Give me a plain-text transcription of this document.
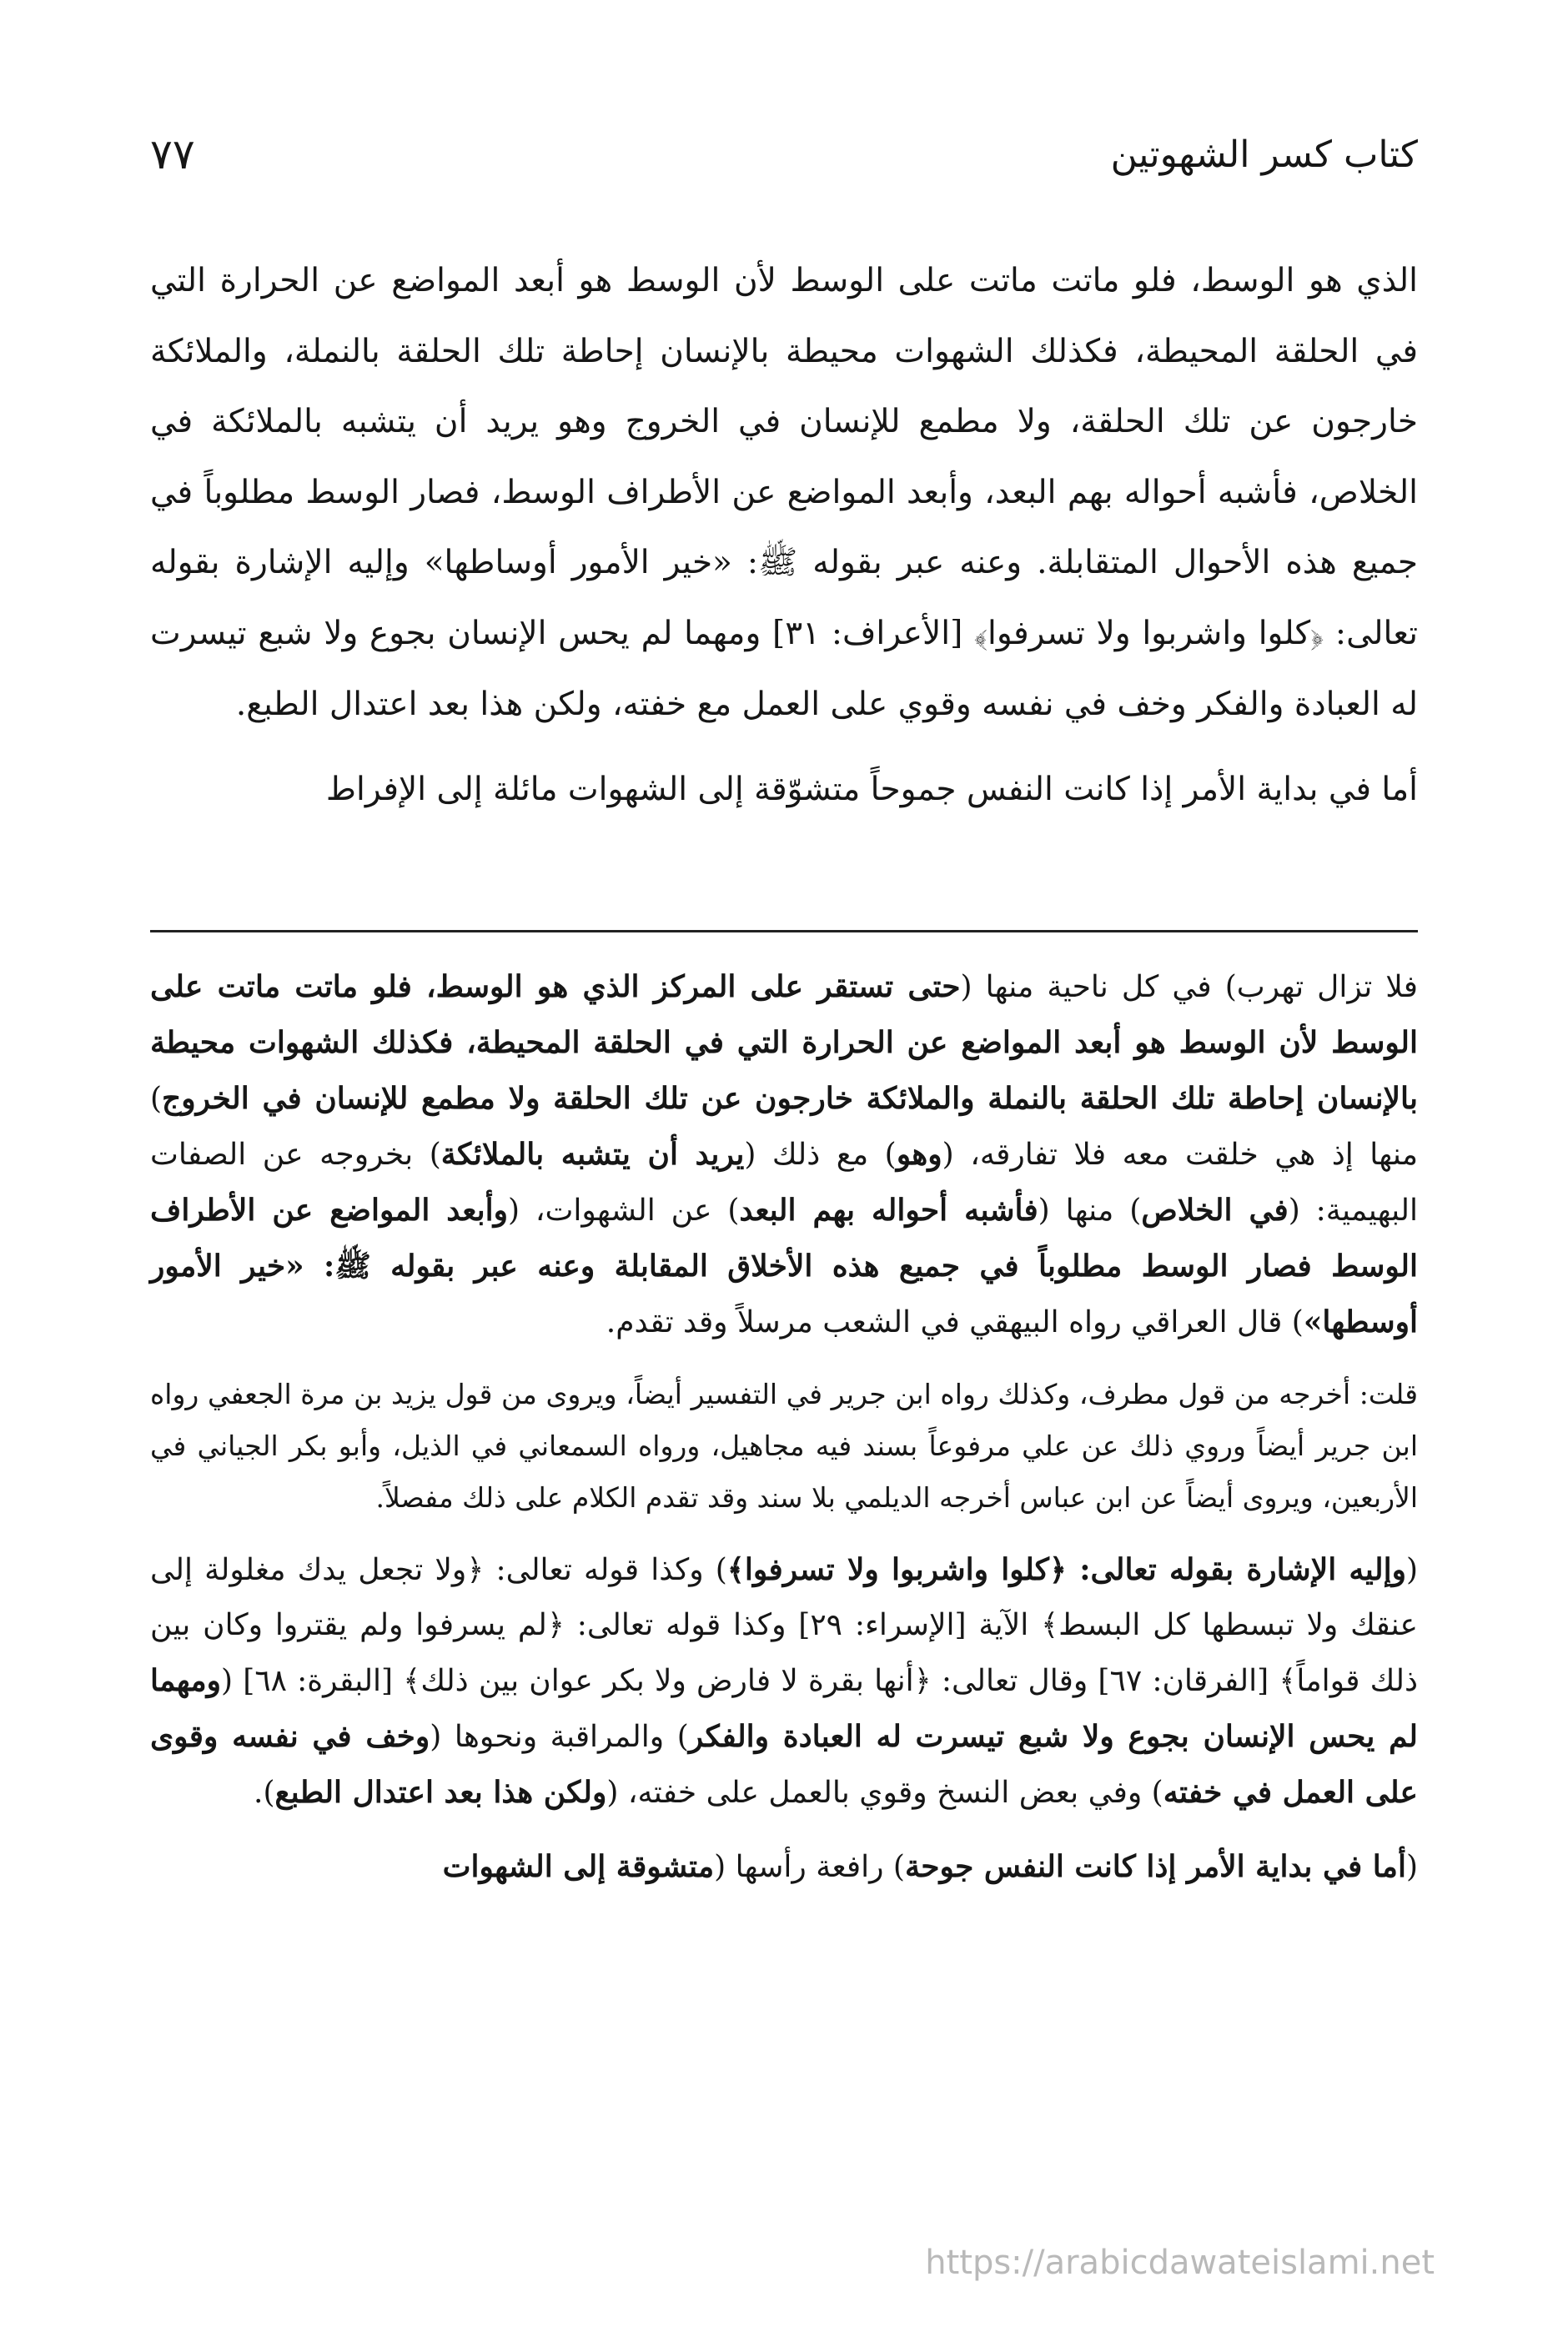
كتاب كسر الشهوتين
٧٧

الذي هو الوسط، فلو ماتت ماتت على الوسط لأن الوسط هو أبعد المواضع عن الحرارة التي في الحلقة المحيطة، فكذلك الشهوات محيطة بالإنسان إحاطة تلك الحلقة بالنملة، والملائكة خارجون عن تلك الحلقة، ولا مطمع للإنسان في الخروج وهو يريد أن يتشبه بالملائكة في الخلاص، فأشبه أحواله بهم البعد، وأبعد المواضع عن الأطراف الوسط، فصار الوسط مطلوباً في جميع هذه الأحوال المتقابلة. وعنه عبر بقوله ﷺ: «خير الأمور أوساطها» وإليه الإشارة بقوله تعالى: ﴿كلوا واشربوا ولا تسرفوا﴾ [الأعراف: ٣١] ومهما لم يحس الإنسان بجوع ولا شبع تيسرت له العبادة والفكر وخف في نفسه وقوي على العمل مع خفته، ولكن هذا بعد اعتدال الطبع.

أما في بداية الأمر إذا كانت النفس جموحاً متشوّقة إلى الشهوات مائلة إلى الإفراط

فلا تزال تهرب) في كل ناحية منها (حتى تستقر على المركز الذي هو الوسط، فلو ماتت ماتت على الوسط لأن الوسط هو أبعد المواضع عن الحرارة التي في الحلقة المحيطة، فكذلك الشهوات محيطة بالإنسان إحاطة تلك الحلقة بالنملة والملائكة خارجون عن تلك الحلقة ولا مطمع للإنسان في الخروج) منها إذ هي خلقت معه فلا تفارقه، (وهو) مع ذلك (يريد أن يتشبه بالملائكة) بخروجه عن الصفات البهيمية: (في الخلاص) منها (فأشبه أحواله بهم البعد) عن الشهوات، (وأبعد المواضع عن الأطراف الوسط فصار الوسط مطلوباً في جميع هذه الأخلاق المقابلة وعنه عبر بقوله ﷺ: «خير الأمور أوسطها») قال العراقي رواه البيهقي في الشعب مرسلاً وقد تقدم.

قلت: أخرجه من قول مطرف، وكذلك رواه ابن جرير في التفسير أيضاً، ويروى من قول يزيد بن مرة الجعفي رواه ابن جرير أيضاً وروي ذلك عن علي مرفوعاً بسند فيه مجاهيل، ورواه السمعاني في الذيل، وأبو بكر الجياني في الأربعين، ويروى أيضاً عن ابن عباس أخرجه الديلمي بلا سند وقد تقدم الكلام على ذلك مفصلاً.

(وإليه الإشارة بقوله تعالى: ﴿كلوا واشربوا ولا تسرفوا﴾) وكذا قوله تعالى: ﴿ولا تجعل يدك مغلولة إلى عنقك ولا تبسطها كل البسط﴾ الآية [الإسراء: ٢٩] وكذا قوله تعالى: ﴿لم يسرفوا ولم يقتروا وكان بين ذلك قواماً﴾ [الفرقان: ٦٧] وقال تعالى: ﴿أنها بقرة لا فارض ولا بكر عوان بين ذلك﴾ [البقرة: ٦٨] (ومهما لم يحس الإنسان بجوع ولا شبع تيسرت له العبادة والفكر) والمراقبة ونحوها (وخف في نفسه وقوى على العمل في خفته) وفي بعض النسخ وقوي بالعمل على خفته، (ولكن هذا بعد اعتدال الطبع).

(أما في بداية الأمر إذا كانت النفس جوحة) رافعة رأسها (متشوقة إلى الشهوات

https://arabicdawateislami.net
